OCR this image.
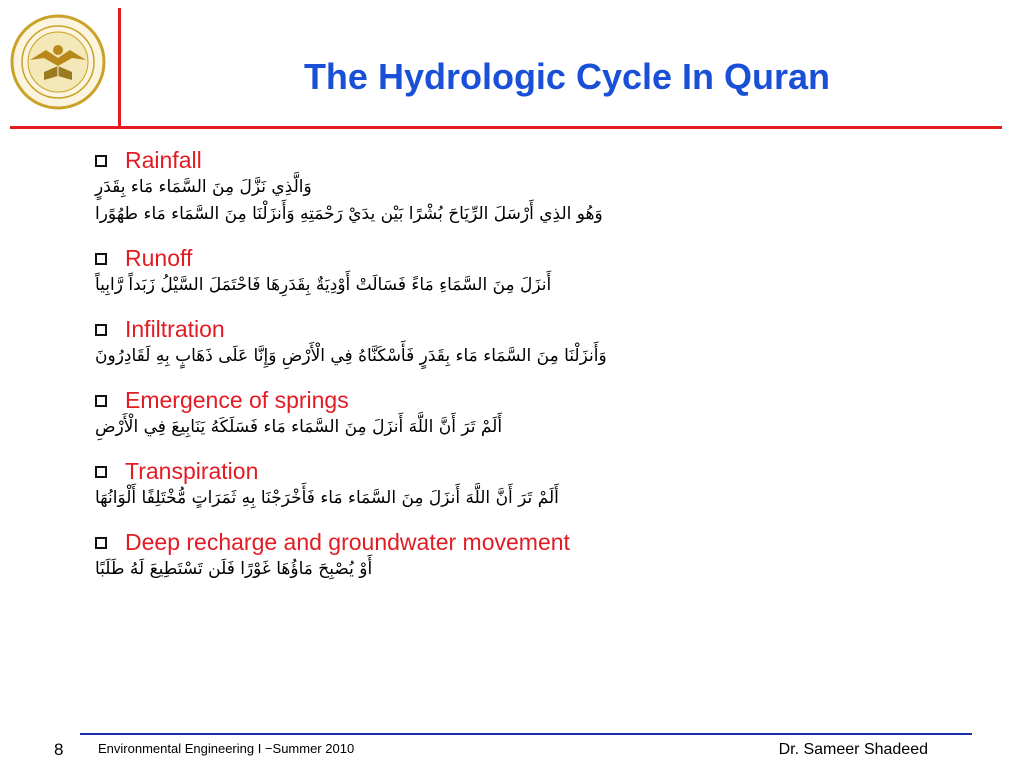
The Hydrologic Cycle In Quran
Rainfall
وَالَّذِي نَزَّلَ مِنَ السَّمَاء مَاء بِقَدَرٍ
وَهُو الذِي أَرْسَلَ الرِّيَاحَ بُشْرًا بَيْن يدَيْ رَحْمَتِهِ وَأَنزَلْنَا مِنَ السَّمَاء مَاء طهُوًرا
Runoff
أَنزَلَ مِنَ السَّمَاءِ مَاءً فَسَالَتْ أَوْدِيَةٌ بِقَدَرِهَا فَاحْتَمَلَ السَّيْلُ زَبَداً رَّابِياً
Infiltration
وَأَنزَلْنَا مِنَ السَّمَاء مَاء بِقَدَرٍ فَأَسْكَنَّاهُ فِي الْأَرْضِ وَإِنَّا عَلَى ذَهَابٍ بِهِ لَقَادِرُونَ
Emergence of springs
أَلَمْ تَرَ أَنَّ اللَّهَ أَنزَلَ مِنَ السَّمَاء مَاء فَسَلَكَهُ يَنَابِيعَ فِي الْأَرْضِ
Transpiration
أَلَمْ تَرَ أَنَّ اللَّهَ أَنزَلَ مِنَ السَّمَاء مَاء فَأَخْرَجْنَا بِهِ ثَمَرَاتٍ مُّخْتَلِفًا أَلْوَانُهَا
Deep recharge and groundwater movement
أَوْ يُصْبِحَ مَاؤُهَا غَوْرًا فَلَن تَسْتَطِيعَ لَهُ طَلَبًا
8	Environmental Engineering I −Summer 2010	Dr. Sameer Shadeed
